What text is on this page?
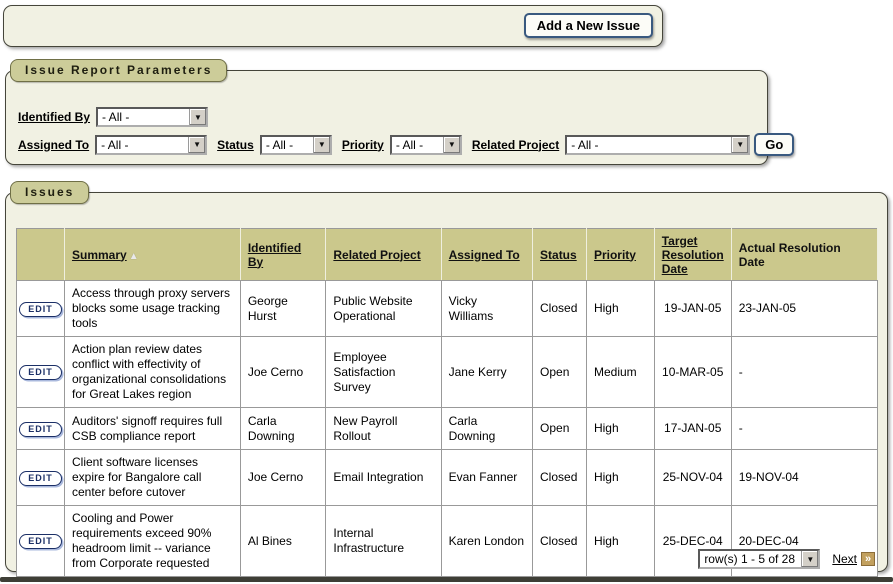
Add a New Issue
Issue Report Parameters
Identified By	- All -	▼
Assigned To	- All -	▼	Status	- All -	▼	Priority	- All -	▼	Related Project	- All -	▼	Go
Issues
	Summary ▲	Identified By	Related Project	Assigned To	Status	Priority	Target Resolution Date	Actual Resolution Date
EDIT	Access through proxy servers blocks some usage tracking tools	George Hurst	Public Website Operational	Vicky Williams	Closed	High	19-JAN-05	23-JAN-05
EDIT	Action plan review dates conflict with effectivity of organizational consolidations for Great Lakes region	Joe Cerno	Employee Satisfaction Survey	Jane Kerry	Open	Medium	10-MAR-05	-
EDIT	Auditors' signoff requires full CSB compliance report	Carla Downing	New Payroll Rollout	Carla Downing	Open	High	17-JAN-05	-
EDIT	Client software licenses expire for Bangalore call center before cutover	Joe Cerno	Email Integration	Evan Fanner	Closed	High	25-NOV-04	19-NOV-04
EDIT	Cooling and Power requirements exceed 90% headroom limit -- variance from Corporate requested	Al Bines	Internal Infrastructure	Karen London	Closed	High	25-DEC-04	20-DEC-04
row(s) 1 - 5 of 28	▼	Next »
